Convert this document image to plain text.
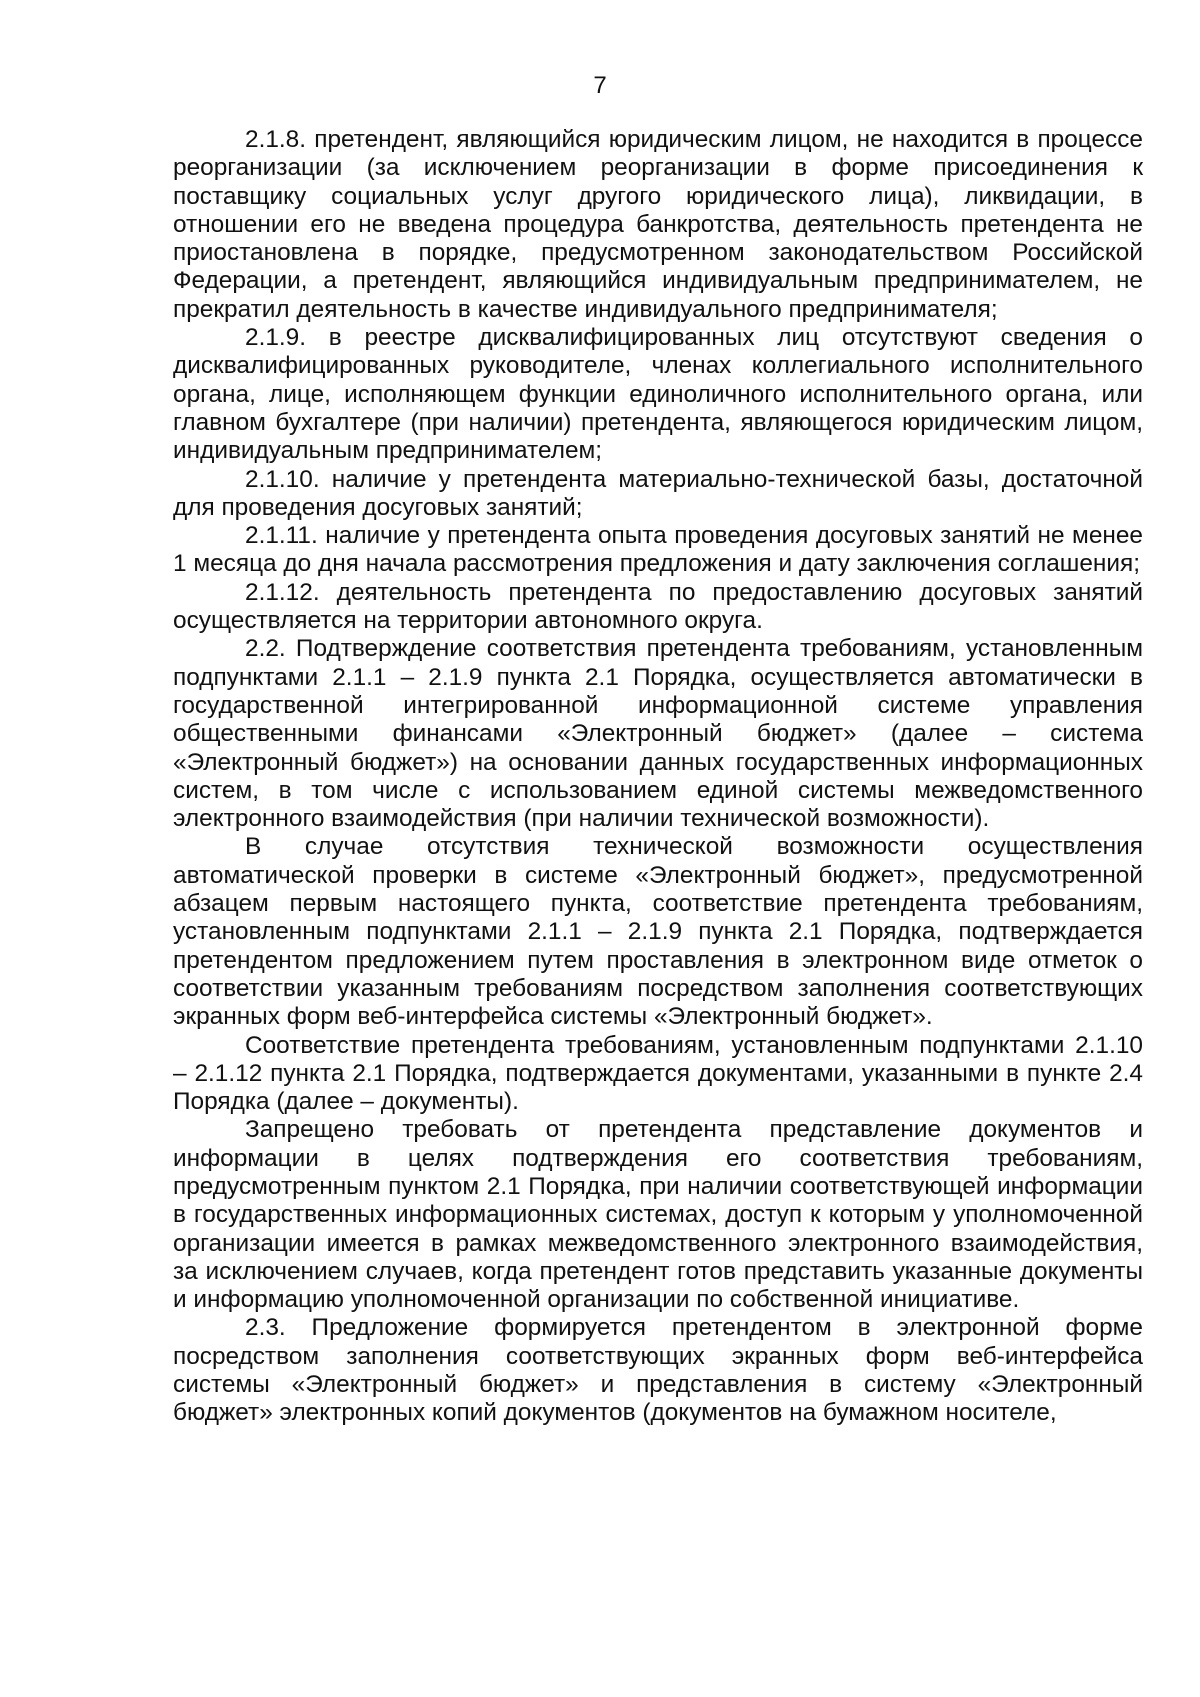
7

2.1.8. претендент, являющийся юридическим лицом, не находится в процессе реорганизации (за исключением реорганизации в форме присоединения к поставщику социальных услуг другого юридического лица), ликвидации, в отношении его не введена процедура банкротства, деятельность претендента не приостановлена в порядке, предусмотренном законодательством Российской Федерации, а претендент, являющийся индивидуальным предпринимателем, не прекратил деятельность в качестве индивидуального предпринимателя;

2.1.9. в реестре дисквалифицированных лиц отсутствуют сведения о дисквалифицированных руководителе, членах коллегиального исполнительного органа, лице, исполняющем функции единоличного исполнительного органа, или главном бухгалтере (при наличии) претендента, являющегося юридическим лицом, индивидуальным предпринимателем;

2.1.10. наличие у претендента материально-технической базы, достаточной для проведения досуговых занятий;

2.1.11. наличие у претендента опыта проведения досуговых занятий не менее 1 месяца до дня начала рассмотрения предложения и дату заключения соглашения;

2.1.12. деятельность претендента по предоставлению досуговых занятий осуществляется на территории автономного округа.

2.2. Подтверждение соответствия претендента требованиям, установленным подпунктами 2.1.1 – 2.1.9 пункта 2.1 Порядка, осуществляется автоматически в государственной интегрированной информационной системе управления общественными финансами «Электронный бюджет» (далее – система «Электронный бюджет») на основании данных государственных информационных систем, в том числе с использованием единой системы межведомственного электронного взаимодействия (при наличии технической возможности).

В случае отсутствия технической возможности осуществления автоматической проверки в системе «Электронный бюджет», предусмотренной абзацем первым настоящего пункта, соответствие претендента требованиям, установленным подпунктами 2.1.1 – 2.1.9 пункта 2.1 Порядка, подтверждается претендентом предложением путем проставления в электронном виде отметок о соответствии указанным требованиям посредством заполнения соответствующих экранных форм веб-интерфейса системы «Электронный бюджет».

Соответствие претендента требованиям, установленным подпунктами 2.1.10 – 2.1.12 пункта 2.1 Порядка, подтверждается документами, указанными в пункте 2.4 Порядка (далее – документы).

Запрещено требовать от претендента представление документов и информации в целях подтверждения его соответствия требованиям, предусмотренным пунктом 2.1 Порядка, при наличии соответствующей информации в государственных информационных системах, доступ к которым у уполномоченной организации имеется в рамках межведомственного электронного взаимодействия, за исключением случаев, когда претендент готов представить указанные документы и информацию уполномоченной организации по собственной инициативе.

2.3. Предложение формируется претендентом в электронной форме посредством заполнения соответствующих экранных форм веб-интерфейса системы «Электронный бюджет» и представления в систему «Электронный бюджет» электронных копий документов (документов на бумажном носителе,
